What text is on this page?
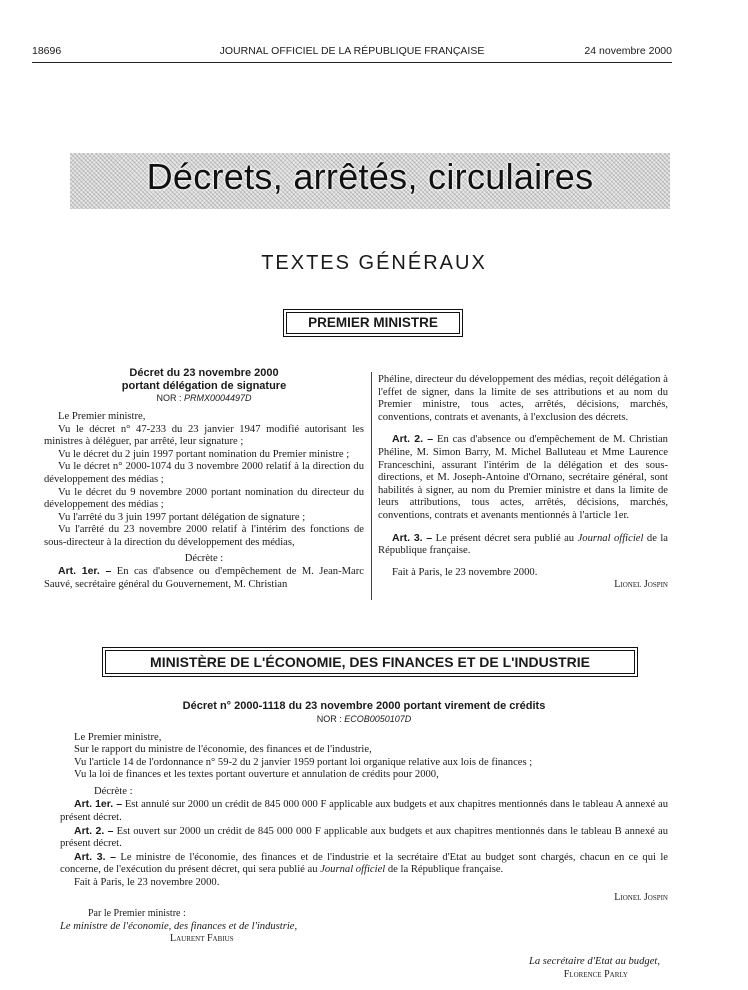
18696	JOURNAL OFFICIEL DE LA RÉPUBLIQUE FRANÇAISE	24 novembre 2000
Décrets, arrêtés, circulaires
TEXTES GÉNÉRAUX
PREMIER MINISTRE
Décret du 23 novembre 2000
portant délégation de signature
NOR : PRMX0004497D

Le Premier ministre,

Vu le décret n° 47-233 du 23 janvier 1947 modifié autorisant les ministres à déléguer, par arrêté, leur signature ;

Vu le décret du 2 juin 1997 portant nomination du Premier ministre ;

Vu le décret n° 2000-1074 du 3 novembre 2000 relatif à la direction du développement des médias ;

Vu le décret du 9 novembre 2000 portant nomination du directeur du développement des médias ;

Vu l'arrêté du 3 juin 1997 portant délégation de signature ;

Vu l'arrêté du 23 novembre 2000 relatif à l'intérim des fonctions de sous-directeur à la direction du développement des médias,

Décrète :

Art. 1er. – En cas d'absence ou d'empêchement de M. Jean-Marc Sauvé, secrétaire général du Gouvernement, M. Christian

Phéline, directeur du développement des médias, reçoit délégation à l'effet de signer, dans la limite de ses attributions et au nom du Premier ministre, tous actes, arrêtés, décisions, marchés, conventions, contrats et avenants, à l'exclusion des décrets.

Art. 2. – En cas d'absence ou d'empêchement de M. Christian Phéline, M. Simon Barry, M. Michel Balluteau et Mme Laurence Franceschini, assurant l'intérim de la délégation et des sous-directions, et M. Joseph-Antoine d'Ornano, secrétaire général, sont habilités à signer, au nom du Premier ministre et dans la limite de leurs attributions, tous actes, arrêtés, décisions, marchés, conventions, contrats et avenants mentionnés à l'article 1er.

Art. 3. – Le présent décret sera publié au Journal officiel de la République française.

Fait à Paris, le 23 novembre 2000.

Lionel Jospin

MINISTÈRE DE L'ÉCONOMIE, DES FINANCES ET DE L'INDUSTRIE
Décret n° 2000-1118 du 23 novembre 2000 portant virement de crédits
NOR : ECOB0050107D

Le Premier ministre,

Sur le rapport du ministre de l'économie, des finances et de l'industrie,

Vu l'article 14 de l'ordonnance n° 59-2 du 2 janvier 1959 portant loi organique relative aux lois de finances ;

Vu la loi de finances et les textes portant ouverture et annulation de crédits pour 2000,

Décrète :

Art. 1er. – Est annulé sur 2000 un crédit de 845 000 000 F applicable aux budgets et aux chapitres mentionnés dans le tableau A annexé au présent décret.

Art. 2. – Est ouvert sur 2000 un crédit de 845 000 000 F applicable aux budgets et aux chapitres mentionnés dans le tableau B annexé au présent décret.

Art. 3. – Le ministre de l'économie, des finances et de l'industrie et la secrétaire d'Etat au budget sont chargés, chacun en ce qui le concerne, de l'exécution du présent décret, qui sera publié au Journal officiel de la République française.

Fait à Paris, le 23 novembre 2000.

Lionel Jospin

Par le Premier ministre :

Le ministre de l'économie, des finances et de l'industrie,

Laurent Fabius

La secrétaire d'Etat au budget,

Florence Parly
